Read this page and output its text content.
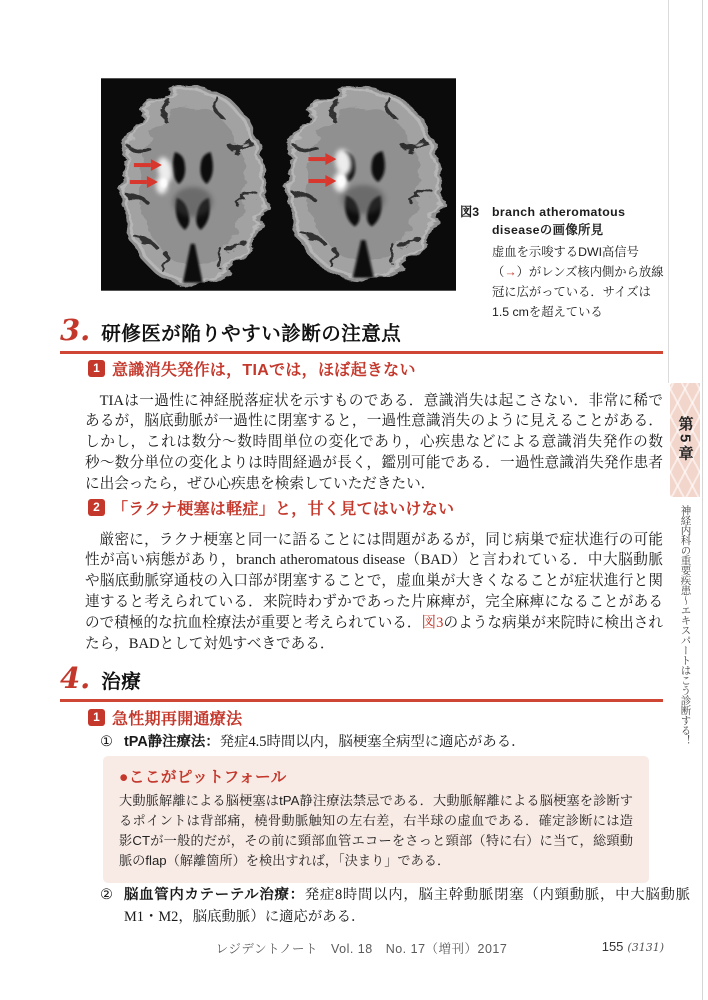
図3	branch atheromatous diseaseの画像所見
虚血を示唆するDWI高信号（→）がレンズ核内側から放線冠に広がっている．サイズは1.5 cmを超えている
3. 研修医が陥りやすい診断の注意点
1 意識消失発作は，TIAでは，ほぼ起きない

TIAは一過性に神経脱落症状を示すものである．意識消失は起こさない．非常に稀であるが，脳底動脈が一過性に閉塞すると，一過性意識消失のように見えることがある．しかし，これは数分〜数時間単位の変化であり，心疾患などによる意識消失発作の数秒〜数分単位の変化よりは時間経過が長く，鑑別可能である．一過性意識消失発作患者に出会ったら，ぜひ心疾患を検索していただきたい．

2 「ラクナ梗塞は軽症」と，甘く見てはいけない

厳密に，ラクナ梗塞と同一に語ることには問題があるが，同じ病巣で症状進行の可能性が高い病態があり，branch atheromatous disease（BAD）と言われている．中大脳動脈や脳底動脈穿通枝の入口部が閉塞することで，虚血巣が大きくなることが症状進行と関連すると考えられている．来院時わずかであった片麻痺が，完全麻痺になることがあるので積極的な抗血栓療法が重要と考えられている．図3のような病巣が来院時に検出されたら，BADとして対処すべきである．

4. 治療
1 急性期再開通療法
① tPA静注療法：発症4.5時間以内，脳梗塞全病型に適応がある．
●ここがピットフォール
大動脈解離による脳梗塞はtPA静注療法禁忌である．大動脈解離による脳梗塞を診断するポイントは背部痛，橈骨動脈触知の左右差，右半球の虚血である．確定診断には造影CTが一般的だが，その前に頸部血管エコーをさっと頸部（特に右）に当て，総頸動脈のflap（解離箇所）を検出すれば，「決まり」である．
② 脳血管内カテーテル治療：発症8時間以内，脳主幹動脈閉塞（内頸動脈，中大脳動脈M1・M2，脳底動脈）に適応がある．
レジデントノート　Vol. 18　No. 17（増刊）2017	155 (3131)
第5章
神経内科の重要疾患〜エキスパートはこう診断する！
